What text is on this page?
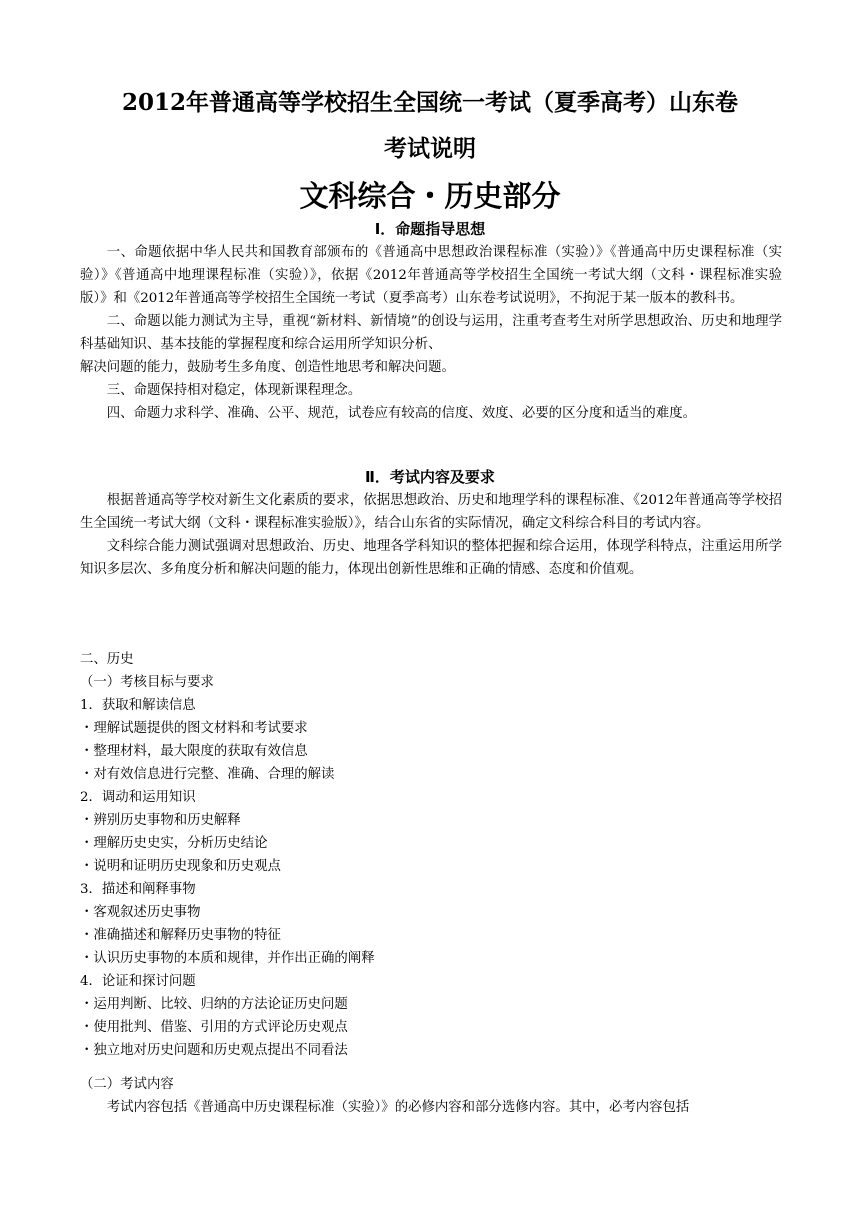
2012年普通高等学校招生全国统一考试（夏季高考）山东卷
考试说明
文科综合・历史部分
Ⅰ．命题指导思想

一、命题依据中华人民共和国教育部颁布的《普通高中思想政治课程标准（实验）》《普通高中历史课程标准（实验）》《普通高中地理课程标准（实验）》，依据《2012年普通高等学校招生全国统一考试大纲（文科・课程标准实验版）》和《2012年普通高等学校招生全国统一考试（夏季高考）山东卷考试说明》，不拘泥于某一版本的教科书。

二、命题以能力测试为主导，重视“新材料、新情境”的创设与运用，注重考查考生对所学思想政治、历史和地理学科基础知识、基本技能的掌握程度和综合运用所学知识分析、

解决问题的能力，鼓励考生多角度、创造性地思考和解决问题。

三、命题保持相对稳定，体现新课程理念。

四、命题力求科学、准确、公平、规范，试卷应有较高的信度、效度、必要的区分度和适当的难度。

Ⅱ．考试内容及要求

根据普通高等学校对新生文化素质的要求，依据思想政治、历史和地理学科的课程标准、《2012年普通高等学校招生全国统一考试大纲（文科・课程标准实验版）》，结合山东省的实际情况，确定文科综合科目的考试内容。

文科综合能力测试强调对思想政治、历史、地理各学科知识的整体把握和综合运用，体现学科特点，注重运用所学知识多层次、多角度分析和解决问题的能力，体现出创新性思维和正确的情感、态度和价值观。

二、历史

（一）考核目标与要求

1．获取和解读信息

・理解试题提供的图文材料和考试要求

・整理材料，最大限度的获取有效信息

・对有效信息进行完整、准确、合理的解读

2．调动和运用知识

・辨别历史事物和历史解释

・理解历史史实，分析历史结论

・说明和证明历史现象和历史观点

3．描述和阐释事物

・客观叙述历史事物

・准确描述和解释历史事物的特征

・认识历史事物的本质和规律，并作出正确的阐释

4．论证和探讨问题

・运用判断、比较、归纳的方法论证历史问题

・使用批判、借鉴、引用的方式评论历史观点

・独立地对历史问题和历史观点提出不同看法

（二）考试内容

考试内容包括《普通高中历史课程标准（实验）》的必修内容和部分选修内容。其中，必考内容包括
